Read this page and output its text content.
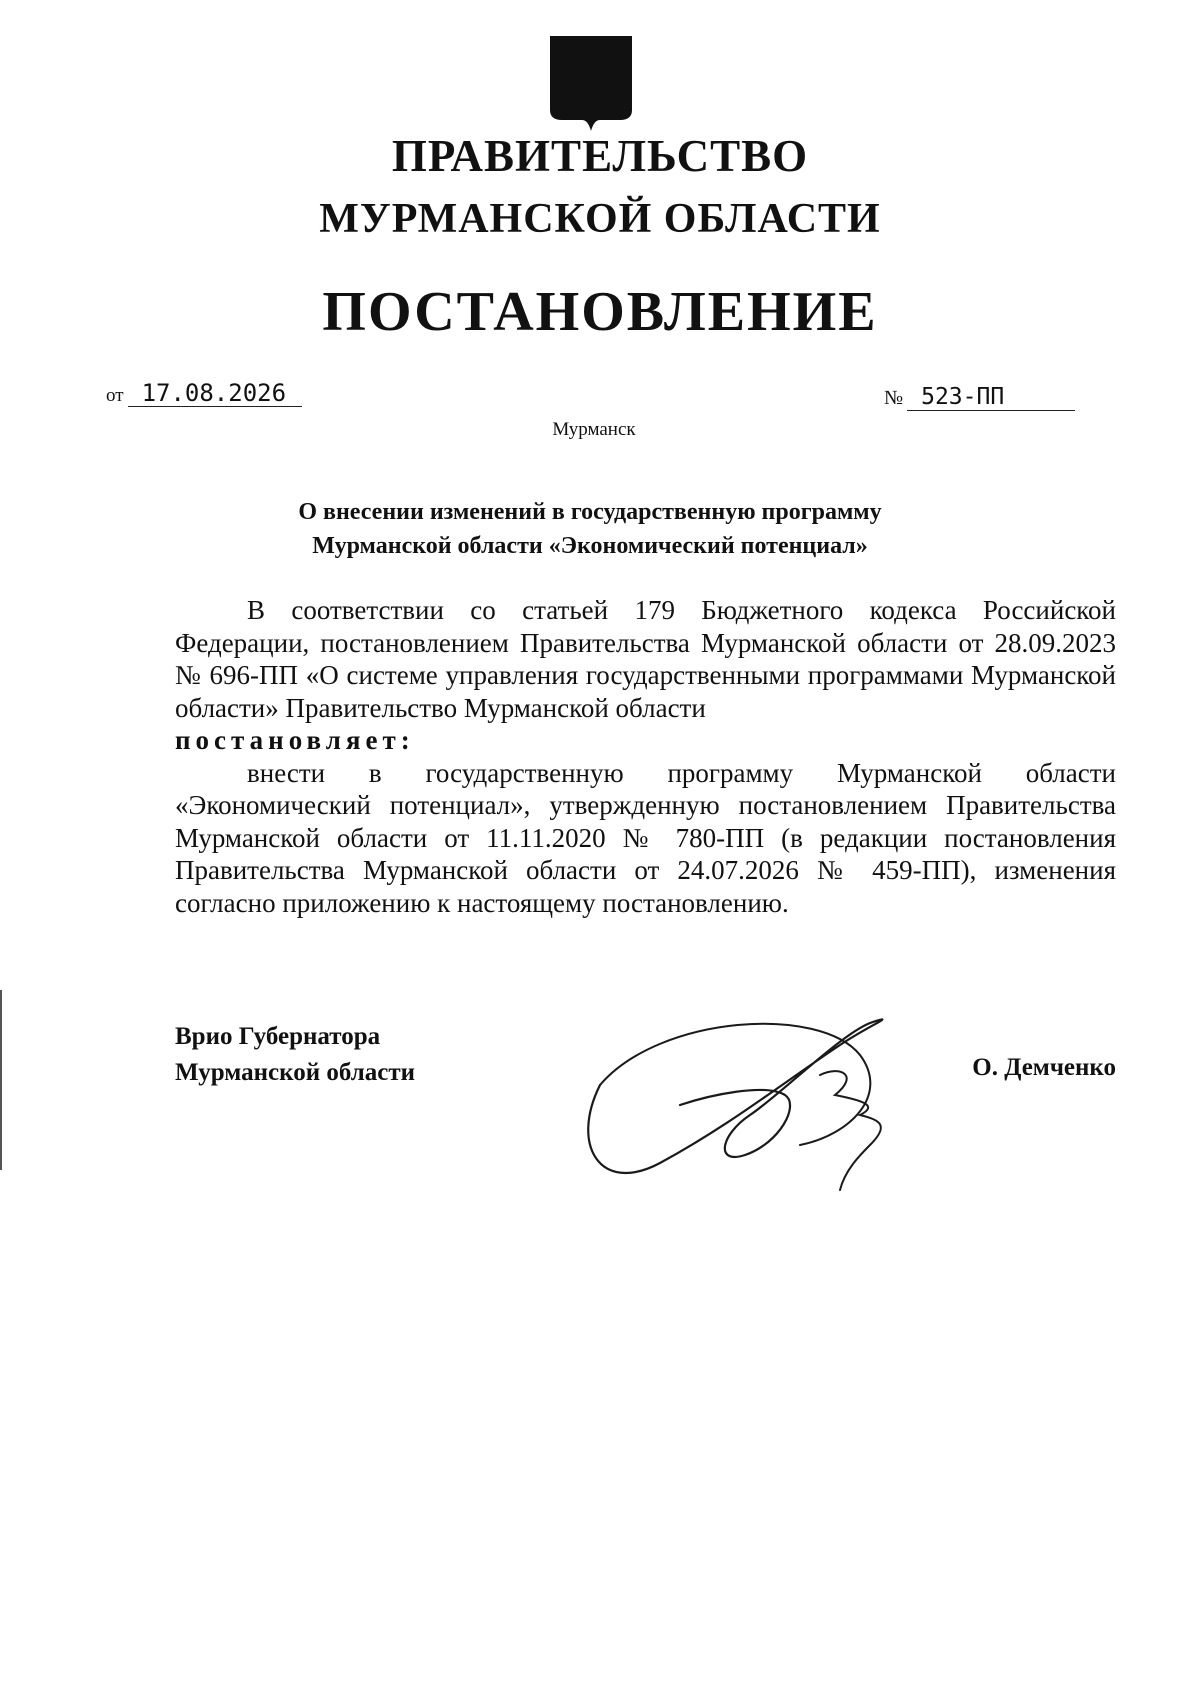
ПРАВИТЕЛЬСТВО
МУРМАНСКОЙ ОБЛАСТИ
ПОСТАНОВЛЕНИЕ
от 17.08.2026	№ 523-ПП
Мурманск
О внесении изменений в государственную программу
Мурманской области «Экономический потенциал»

В соответствии со статьей 179 Бюджетного кодекса Российской Федерации, постановлением Правительства Мурманской области от 28.09.2023 № 696-ПП «О системе управления государственными программами Мурманской области» Правительство Мурманской области

постановляет:

внести в государственную программу Мурманской области «Экономический потенциал», утвержденную постановлением Правительства Мурманской области от 11.11.2020 № 780-ПП (в редакции постановления Правительства Мурманской области от 24.07.2026 № 459-ПП), изменения согласно приложению к настоящему постановлению.

Врио Губернатора
Мурманской области	О. Демченко
